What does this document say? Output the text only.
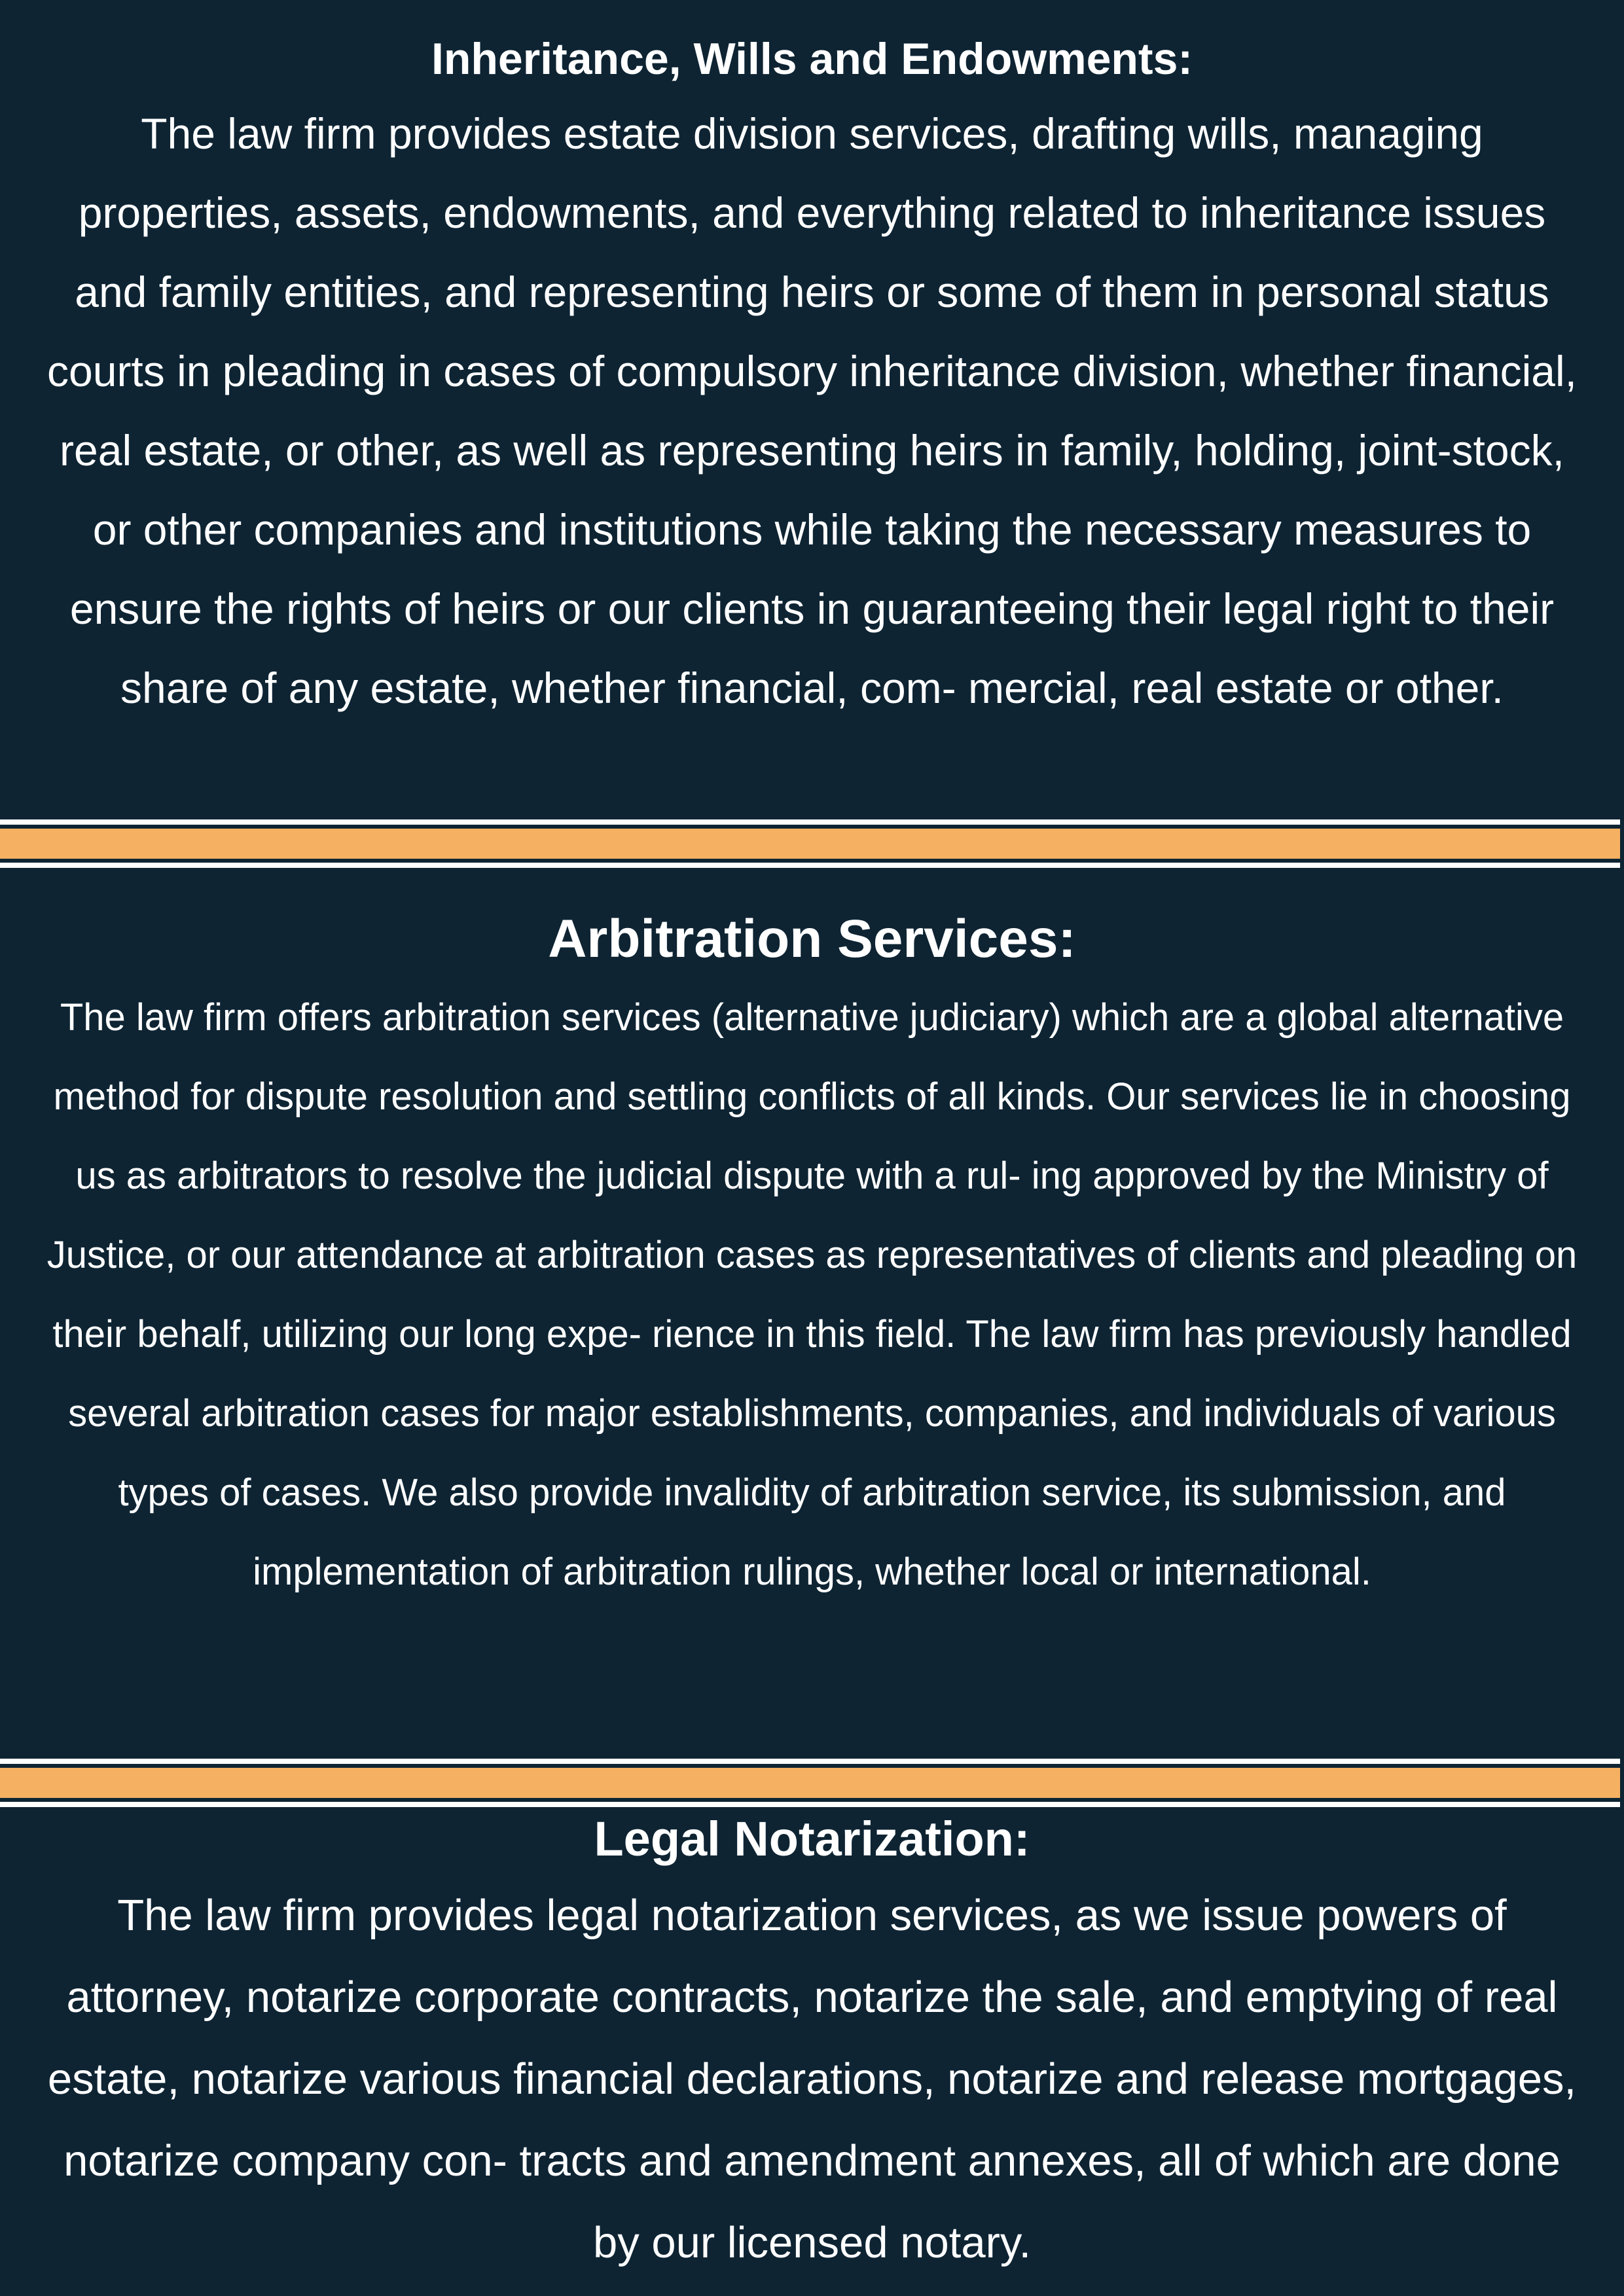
Inheritance, Wills and Endowments:

The law firm provides estate division services, drafting wills, managing properties, assets, endowments, and everything related to inheritance issues and family entities, and representing heirs or some of them in personal status courts in pleading in cases of compulsory inheritance division, whether financial, real estate, or other, as well as representing heirs in family, holding, joint-stock, or other companies and institutions while taking the necessary measures to ensure the rights of heirs or our clients in guaranteeing their legal right to their share of any estate, whether financial, com- mercial, real estate or other.

Arbitration Services:

The law firm offers arbitration services (alternative judiciary) which are a global alternative method for dispute resolution and settling conflicts of all kinds. Our services lie in choosing us as arbitrators to resolve the judicial dispute with a rul- ing approved by the Ministry of Justice, or our attendance at arbitration cases as representatives of clients and pleading on their behalf, utilizing our long expe- rience in this field. The law firm has previously handled several arbitration cases for major establishments, companies, and individuals of various types of cases. We also provide invalidity of arbitration service, its submission, and implementation of arbitration rulings, whether local or international.

Legal Notarization:

The law firm provides legal notarization services, as we issue powers of attorney, notarize corporate contracts, notarize the sale, and emptying of real estate, notarize various financial declarations, notarize and release mortgages, notarize company con- tracts and amendment annexes, all of which are done by our licensed notary.
